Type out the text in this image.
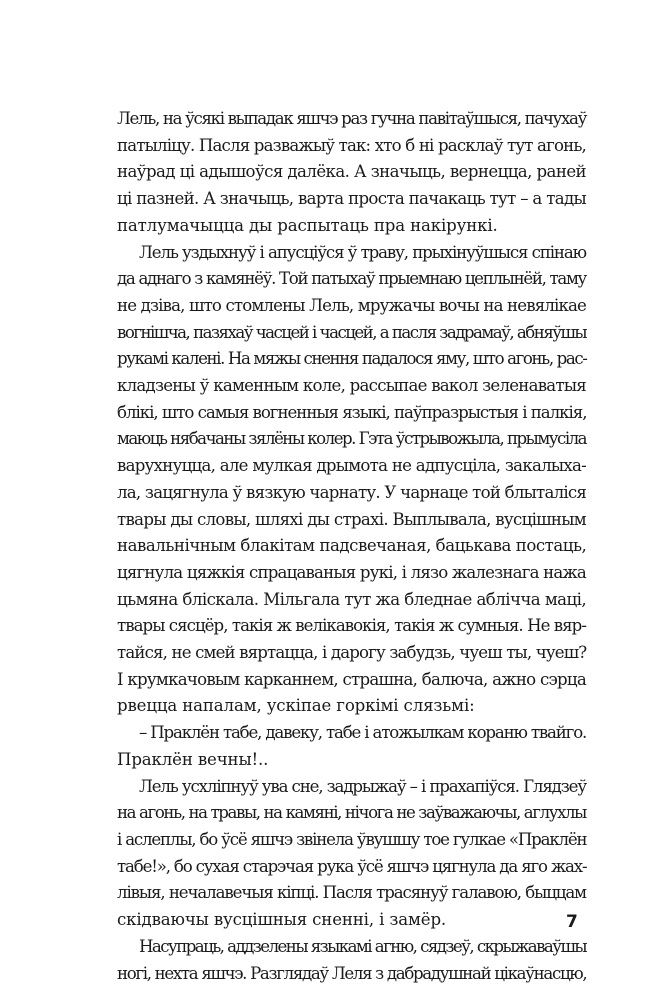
Лель, на ўсякі выпадак яшчэ раз гучна павітаўшыся, пачухаў
патыліцу. Пасля разважыў так: хто б ні расклаў тут агонь,
наўрад ці адышоўся далёка. А значыць, вернецца, раней
ці пазней. А значыць, варта проста пачакаць тут – а тады
патлумачыцца ды распытаць пра накірункі.
Лель уздыхнуў і апусціўся ў траву, прыхінуўшыся спінаю
да аднаго з камянёў. Той патыхаў прыемнаю цеплынёй, таму
не дзіва, што стомлены Лель, мружачы вочы на невялікае
вогнішча, пазяхаў часцей і часцей, а пасля задрамаў, абняўшы
рукамі калені. На мяжы снення падалося яму, што агонь, рас-
кладзены ў каменным коле, рассыпае вакол зеленаватыя
блікі, што самыя вогненныя языкі, паўпразрыстыя і палкія,
маюць нябачаны зялёны колер. Гэта ўстрывожыла, прымусіла
варухнуцца, але мулкая дрымота не адпусціла, закалыха-
ла, зацягнула ў вязкую чарнату. У чарнаце той блыталіся
твары ды словы, шляхі ды страхі. Выплывала, вусцішным
навальнічным блакітам падсвечаная, бацькава постаць,
цягнула цяжкія спрацаваныя рукі, і лязо жалезнага нажа
цьмяна бліскала. Мільгала тут жа бледнае аблічча маці,
твары сясцёр, такія ж велікавокія, такія ж сумныя. Не вяр-
тайся, не смей вяртацца, і дарогу забудзь, чуеш ты, чуеш?
І крумкачовым карканнем, страшна, балюча, ажно сэрца
рвецца напалам, ускіпае горкімі слязьмі:
– Праклён табе, давеку, табе і атожылкам кораню твайго.
Праклён вечны!..
Лель усхліпнуў ува сне, задрыжаў – і прахапіўся. Глядзеў
на агонь, на травы, на камяні, нічога не заўважаючы, аглухлы
і аслеплы, бо ўсё яшчэ звінела ўвушшу тое гулкае «Праклён
табе!», бо сухая старэчая рука ўсё яшчэ цягнула да яго жах-
лівыя, нечалавечыя кіпці. Пасля трасянуў галавою, быццам
скідваючы вусцішныя сненні, і замёр.
Насупраць, аддзелены языкамі агню, сядзеў, скрыжаваўшы
ногі, нехта яшчэ. Разглядаў Леля з дабрадушнай цікаўнасцю,
7
